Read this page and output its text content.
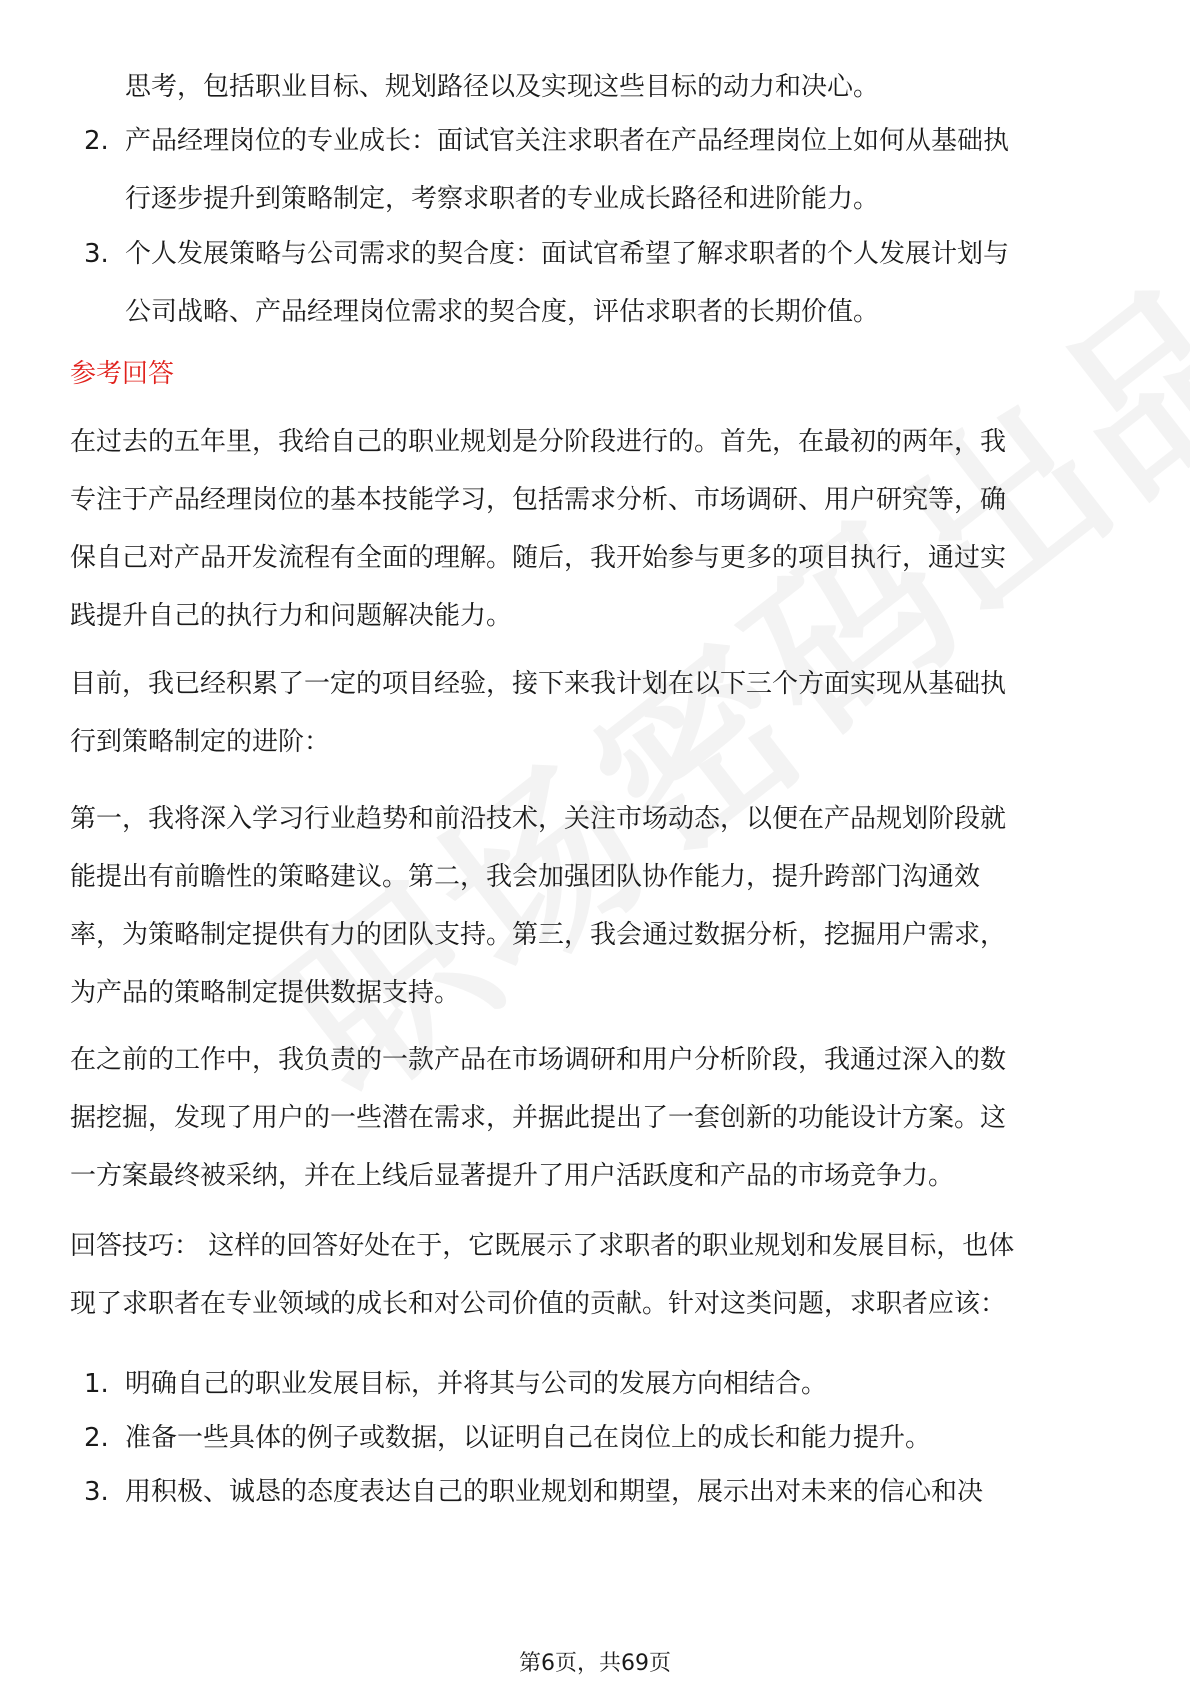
思考，包括职业目标、规划路径以及实现这些目标的动力和决心。
2. 产品经理岗位的专业成长：面试官关注求职者在产品经理岗位上如何从基础执
行逐步提升到策略制定，考察求职者的专业成长路径和进阶能力。
3. 个人发展策略与公司需求的契合度：面试官希望了解求职者的个人发展计划与
公司战略、产品经理岗位需求的契合度，评估求职者的长期价值。
参考回答
在过去的五年里，我给自己的职业规划是分阶段进行的。首先，在最初的两年，我
专注于产品经理岗位的基本技能学习，包括需求分析、市场调研、用户研究等，确
保自己对产品开发流程有全面的理解。随后，我开始参与更多的项目执行，通过实
践提升自己的执行力和问题解决能力。
目前，我已经积累了一定的项目经验，接下来我计划在以下三个方面实现从基础执
行到策略制定的进阶：
第一，我将深入学习行业趋势和前沿技术，关注市场动态，以便在产品规划阶段就
能提出有前瞻性的策略建议。第二，我会加强团队协作能力，提升跨部门沟通效
率，为策略制定提供有力的团队支持。第三，我会通过数据分析，挖掘用户需求，
为产品的策略制定提供数据支持。
在之前的工作中，我负责的一款产品在市场调研和用户分析阶段，我通过深入的数
据挖掘，发现了用户的一些潜在需求，并据此提出了一套创新的功能设计方案。这
一方案最终被采纳，并在上线后显著提升了用户活跃度和产品的市场竞争力。
回答技巧： 这样的回答好处在于，它既展示了求职者的职业规划和发展目标，也体
现了求职者在专业领域的成长和对公司价值的贡献。针对这类问题，求职者应该：
1. 明确自己的职业发展目标，并将其与公司的发展方向相结合。
2. 准备一些具体的例子或数据，以证明自己在岗位上的成长和能力提升。
3. 用积极、诚恳的态度表达自己的职业规划和期望，展示出对未来的信心和决
第6页，共69页
